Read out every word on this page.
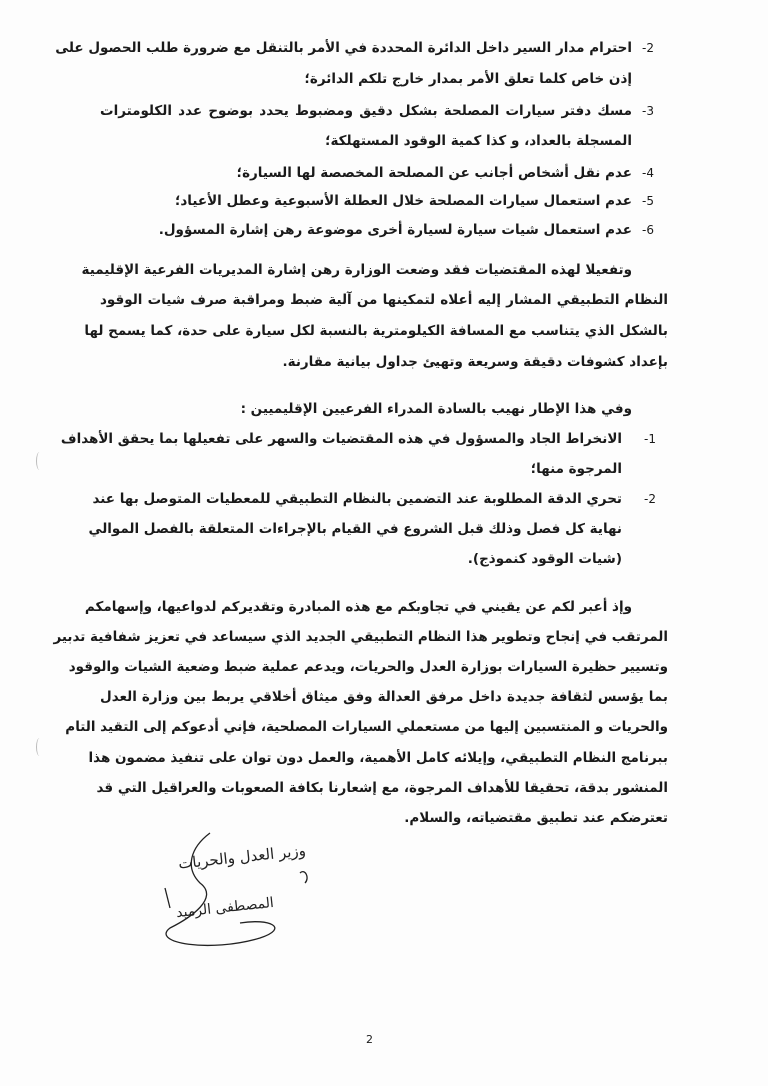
-2
احترام مدار السير داخل الدائرة المحددة في الأمر بالتنقل مع ضرورة طلب الحصول على
إذن خاص كلما تعلق الأمر بمدار خارج تلكم الدائرة؛
-3
مسك دفتر سيارات المصلحة بشكل دقيق ومضبوط يحدد بوضوح عدد الكلومترات
المسجلة بالعداد، و كذا كمية الوقود المستهلكة؛
-4
عدم نقل أشخاص أجانب عن المصلحة المخصصة لها السيارة؛
-5
عدم استعمال سيارات المصلحة خلال العطلة الأسبوعية وعطل الأعياد؛
-6
عدم استعمال شيات سيارة لسيارة أخرى موضوعة رهن إشارة المسؤول.
وتفعيلا لهذه المقتضيات فقد وضعت الوزارة رهن إشارة المديريات الفرعية الإقليمية
النظام التطبيقي المشار إليه أعلاه لتمكينها من آلية ضبط ومراقبة صرف شيات الوقود
بالشكل الذي يتناسب مع المسافة الكيلومترية بالنسبة لكل سيارة على حدة، كما يسمح لها
بإعداد كشوفات دقيقة وسريعة وتهيئ جداول بيانية مقارنة.
وفي هذا الإطار نهيب بالسادة المدراء الفرعيين الإقليميين :
-1
الانخراط الجاد والمسؤول في هذه المقتضيات والسهر على تفعيلها بما يحقق الأهداف
المرجوة منها؛
-2
تحري الدقة المطلوبة عند التضمين بالنظام التطبيقي للمعطيات المتوصل بها عند
نهاية كل فصل وذلك قبل الشروع في القيام بالإجراءات المتعلقة بالفصل الموالي
(شيات الوقود كنموذج).
وإذ أعبر لكم عن يقيني في تجاوبكم مع هذه المبادرة وتقديركم لدواعيها، وإسهامكم
المرتقب في إنجاح وتطوير هذا النظام التطبيقي الجديد الذي سيساعد في تعزيز شفافية تدبير
وتسيير حظيرة السيارات بوزارة العدل والحريات، ويدعم عملية ضبط وضعية الشيات والوقود
بما يؤسس لثقافة جديدة داخل مرفق العدالة وفق ميثاق أخلاقي يربط بين وزارة العدل
والحريات و المنتسبين إليها من مستعملي السيارات المصلحية، فإني أدعوكم إلى التقيد التام
ببرنامج النظام التطبيقي، وإيلائه كامل الأهمية، والعمل دون توان على تنفيذ مضمون هذا
المنشور بدقة، تحقيقا للأهداف المرجوة، مع إشعارنا بكافة الصعوبات والعراقيل التي قد
تعترضكم عند تطبيق مقتضياته، والسلام.
وزير العدل والحريات
المصطفى الرميد
2
